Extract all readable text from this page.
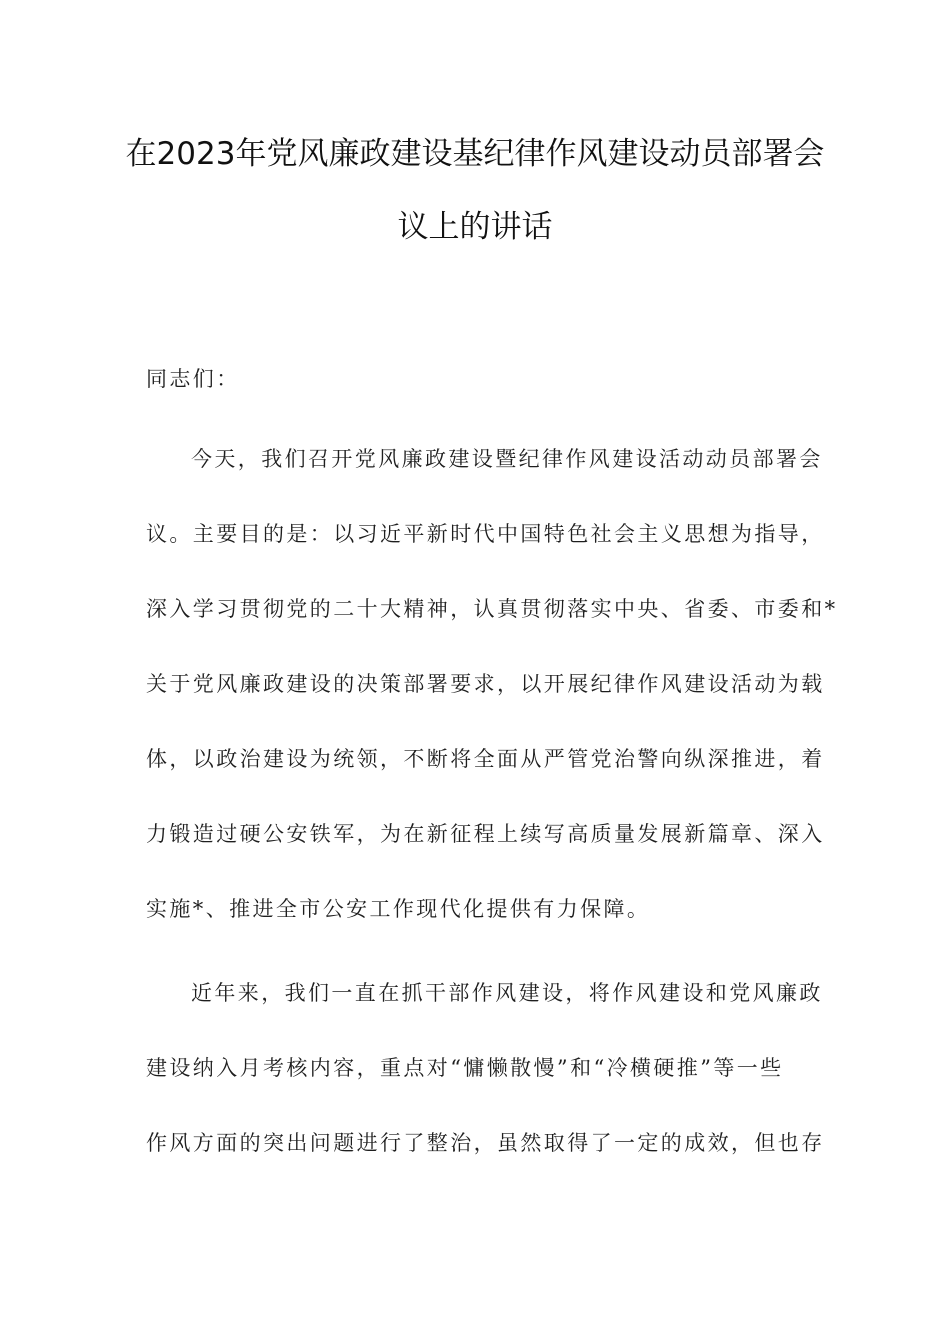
在2023年党风廉政建设基纪律作风建设动员部署会
议上的讲话
同志们：
今天，我们召开党风廉政建设暨纪律作风建设活动动员部署会
议。主要目的是：以习近平新时代中国特色社会主义思想为指导，
深入学习贯彻党的二十大精神，认真贯彻落实中央、省委、市委和*
关于党风廉政建设的决策部署要求，以开展纪律作风建设活动为载
体，以政治建设为统领，不断将全面从严管党治警向纵深推进，着
力锻造过硬公安铁军，为在新征程上续写高质量发展新篇章、深入
实施*、推进全市公安工作现代化提供有力保障。
近年来，我们一直在抓干部作风建设，将作风建设和党风廉政
建设纳入月考核内容，重点对“慵懒散慢”和“冷横硬推”等一些
作风方面的突出问题进行了整治，虽然取得了一定的成效，但也存
